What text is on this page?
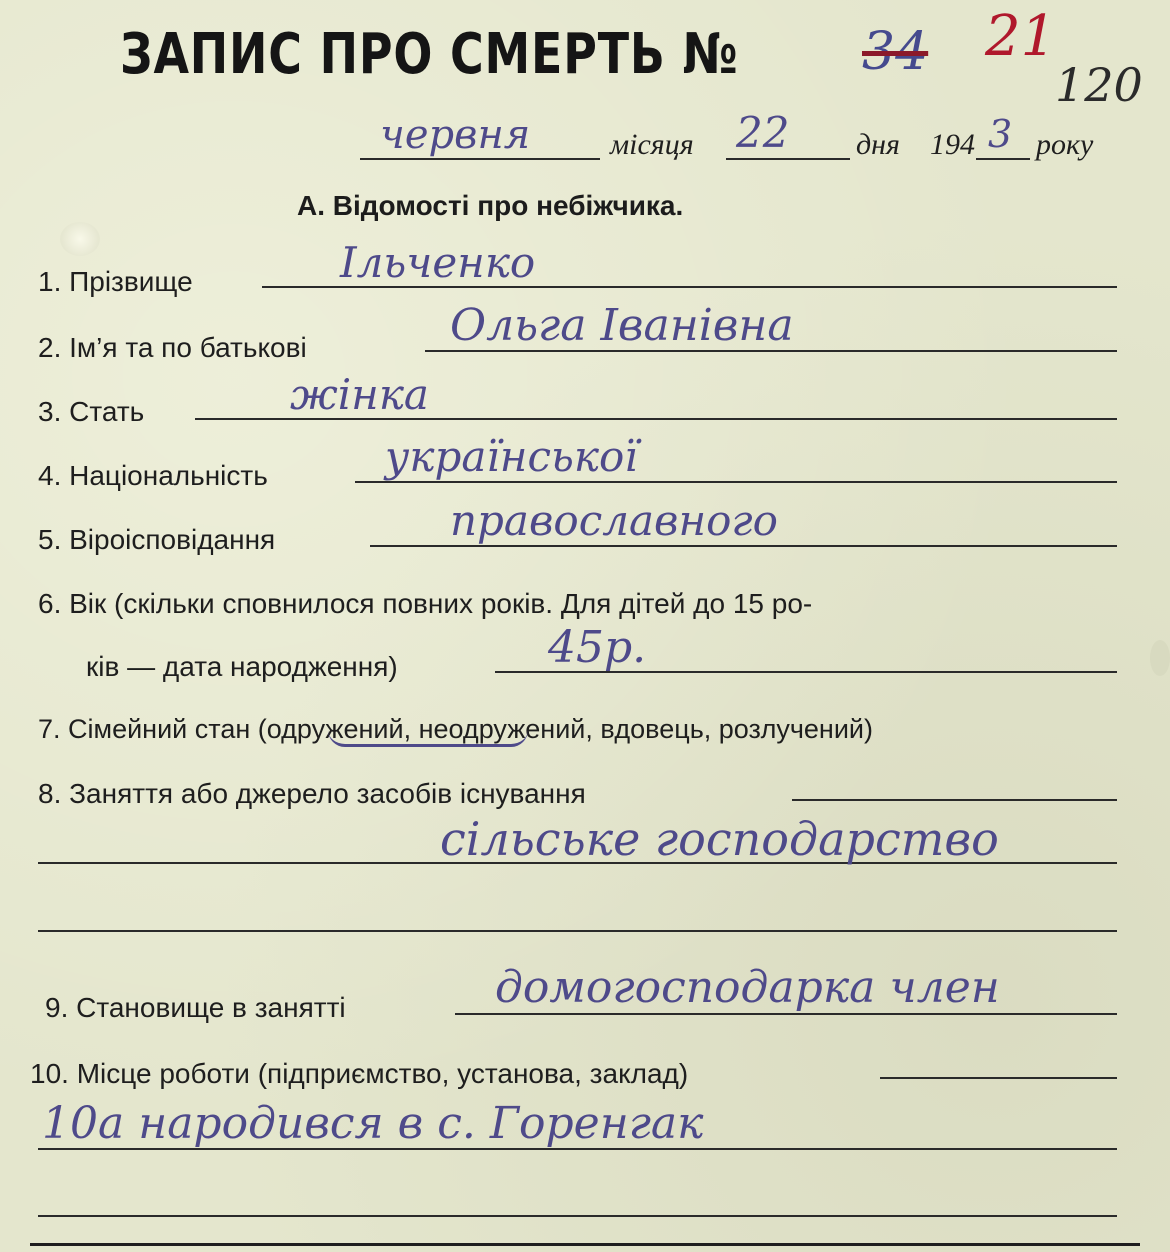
ЗАПИС ПРО СМЕРТЬ № 34 21
120
червня	місяця 22 дня 194 3 року
А. Відомості про небіжчика.
1. Прізвище	Ільченко
2. Ім’я та по батькові	Ольга Іванівна
3. Стать	жінка
4. Національність	української
5. Віроісповідання	православного
6. Вік (скільки сповнилося повних років. Для дітей до 15 ро-
ків — дата народження)	45р.
7. Сімейний стан (одружений, неодружений, вдовець, розлучений)
8. Заняття або джерело засобів існування
сільське господарство
9. Становище в занятті	домогосподарка член
10. Місце роботи (підприємство, установа, заклад)
10а народився в с. Горенгак
